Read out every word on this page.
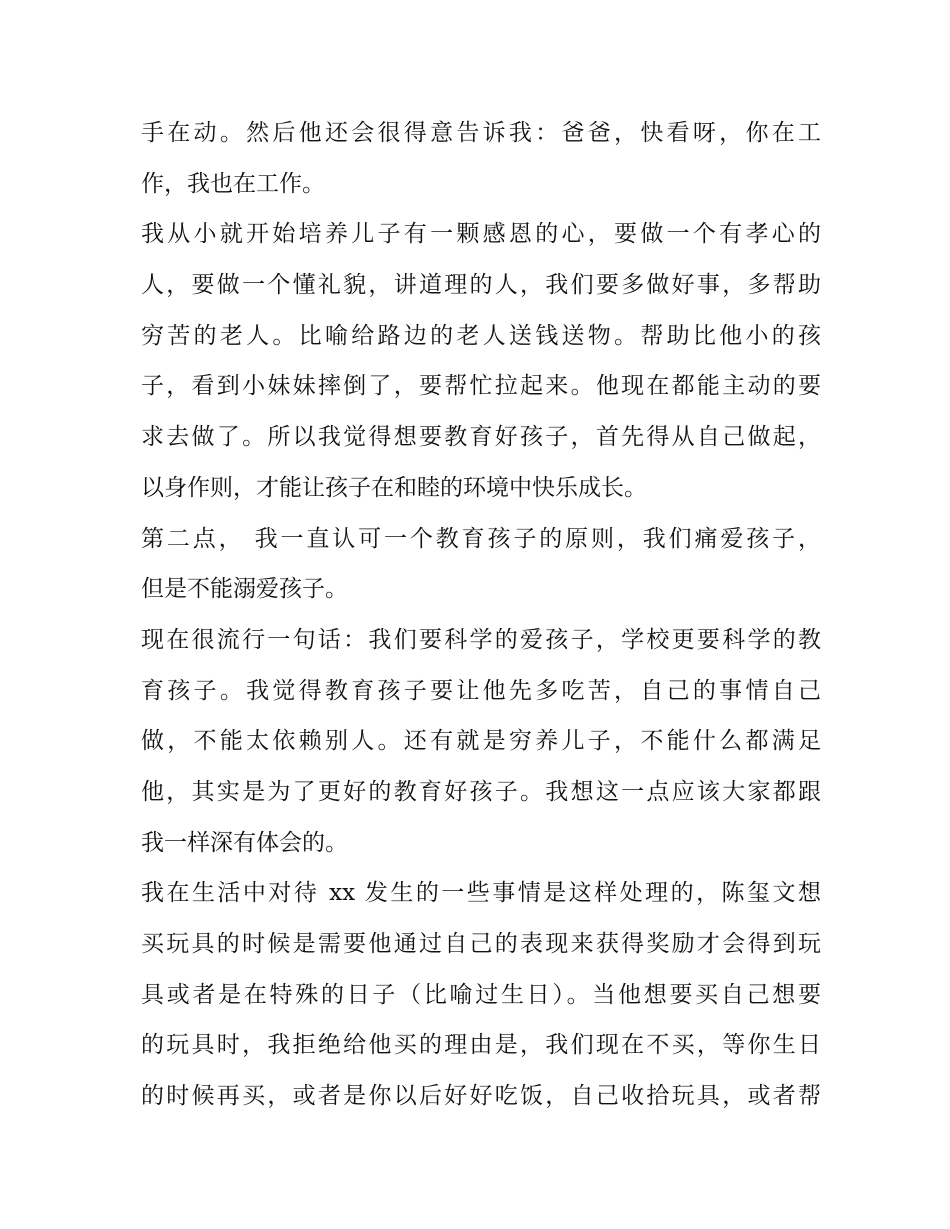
手在动。然后他还会很得意告诉我：爸爸，快看呀，你在工

作，我也在工作。

我从小就开始培养儿子有一颗感恩的心，要做一个有孝心的

人，要做一个懂礼貌，讲道理的人，我们要多做好事，多帮助

穷苦的老人。比喻给路边的老人送钱送物。帮助比他小的孩

子，看到小妹妹摔倒了，要帮忙拉起来。他现在都能主动的要

求去做了。所以我觉得想要教育好孩子，首先得从自己做起，

以身作则，才能让孩子在和睦的环境中快乐成长。

第二点， 我一直认可一个教育孩子的原则，我们痛爱孩子，

但是不能溺爱孩子。

现在很流行一句话：我们要科学的爱孩子，学校更要科学的教

育孩子。我觉得教育孩子要让他先多吃苦，自己的事情自己

做，不能太依赖别人。还有就是穷养儿子，不能什么都满足

他，其实是为了更好的教育好孩子。我想这一点应该大家都跟

我一样深有体会的。

我在生活中对待 xx 发生的一些事情是这样处理的，陈玺文想

买玩具的时候是需要他通过自己的表现来获得奖励才会得到玩

具或者是在特殊的日子（比喻过生日）。当他想要买自己想要

的玩具时，我拒绝给他买的理由是，我们现在不买，等你生日

的时候再买，或者是你以后好好吃饭，自己收拾玩具，或者帮
